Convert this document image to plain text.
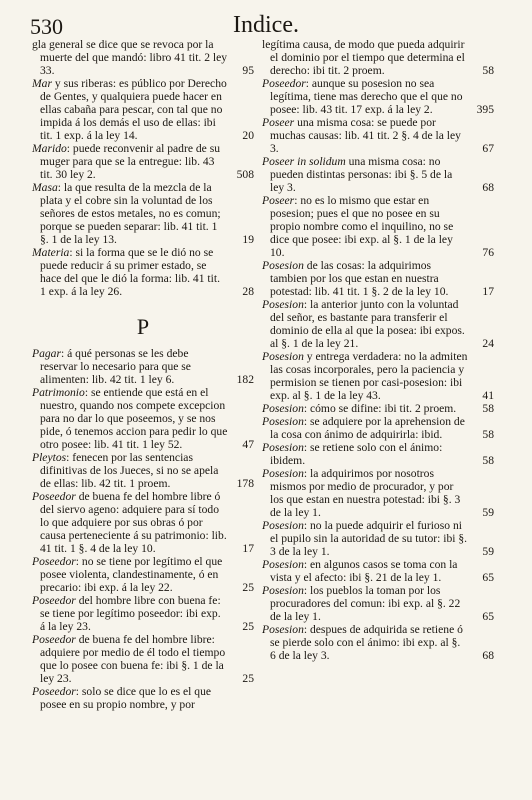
530	Indice.
gla general se dice que se revoca por la muerte del que mandó: libro 41 tit. 2 ley 33.	95
Mar y sus riberas: es público por Derecho de Gentes, y qualquiera puede hacer en ellas cabaña para pescar, con tal que no impida á los demás el uso de ellas: ibi tit. 1 exp. á la ley 14.	20
Marido: puede reconvenir al padre de su muger para que se la entregue: lib. 43 tit. 30 ley 2.	508
Masa: la que resulta de la mezcla de la plata y el cobre sin la voluntad de los señores de estos metales, no es comun; porque se pueden separar: lib. 41 tit. 1 §. 1 de la ley 13.	19
Materia: si la forma que se le dió no se puede reducir á su primer estado, se hace del que le dió la forma: lib. 41 tit. 1 exp. á la ley 26.	28
P
Pagar: á qué personas se les debe reservar lo necesario para que se alimenten: lib. 42 tit. 1 ley 6.	182
Patrimonio: se entiende que está en el nuestro, quando nos compete excepcion para no dar lo que poseemos, y se nos pide, ó tenemos accion para pedir lo que otro posee: lib. 41 tit. 1 ley 52.	47
Pleytos: fenecen por las sentencias difinitivas de los Jueces, si no se apela de ellas: lib. 42 tit. 1 proem.	178
Poseedor de buena fe del hombre libre ó del siervo ageno: adquiere para sí todo lo que adquiere por sus obras ó por causa perteneciente á su patrimonio: lib. 41 tit. 1 §. 4 de la ley 10.	17
Poseedor: no se tiene por legítimo el que posee violenta, clandestinamente, ó en precario: ibi exp. á la ley 22.	25
Poseedor del hombre libre con buena fe: se tiene por legítimo poseedor: ibi exp. á la ley 23.	25
Poseedor de buena fe del hombre libre: adquiere por medio de él todo el tiempo que lo posee con buena fe: ibi §. 1 de la ley 23.	25
Poseedor: solo se dice que lo es el que posee en su propio nombre, y por
legítima causa, de modo que pueda adquirir el dominio por el tiempo que determina el derecho: ibi tit. 2 proem.	58
Poseedor: aunque su posesion no sea legítima, tiene mas derecho que el que no posee: lib. 43 tit. 17 exp. á la ley 2.	395
Poseer una misma cosa: se puede por muchas causas: lib. 41 tit. 2 §. 4 de la ley 3.	67
Poseer in solidum una misma cosa: no pueden distintas personas: ibi §. 5 de la ley 3.	68
Poseer: no es lo mismo que estar en posesion; pues el que no posee en su propio nombre como el inquilino, no se dice que posee: ibi exp. al §. 1 de la ley 10.	76
Posesion de las cosas: la adquirimos tambien por los que estan en nuestra potestad: lib. 41 tit. 1 §. 2 de la ley 10.	17
Posesion: la anterior junto con la voluntad del señor, es bastante para transferir el dominio de ella al que la posea: ibi expos. al §. 1 de la ley 21.	24
Posesion y entrega verdadera: no la admiten las cosas incorporales, pero la paciencia y permision se tienen por casi-posesion: ibi exp. al §. 1 de la ley 43.	41
Posesion: cómo se difine: ibi tit. 2 proem.	58
Posesion: se adquiere por la aprehension de la cosa con ánimo de adquirirla: ibid.	58
Posesion: se retiene solo con el ánimo: ibidem.	58
Posesion: la adquirimos por nosotros mismos por medio de procurador, y por los que estan en nuestra potestad: ibi §. 3 de la ley 1.	59
Posesion: no la puede adquirir el furioso ni el pupilo sin la autoridad de su tutor: ibi §. 3 de la ley 1.	59
Posesion: en algunos casos se toma con la vista y el afecto: ibi §. 21 de la ley 1.	65
Posesion: los pueblos la toman por los procuradores del comun: ibi exp. al §. 22 de la ley 1.	65
Posesion: despues de adquirida se retiene ó se pierde solo con el ánimo: ibi exp. al §. 6 de la ley 3.	68
